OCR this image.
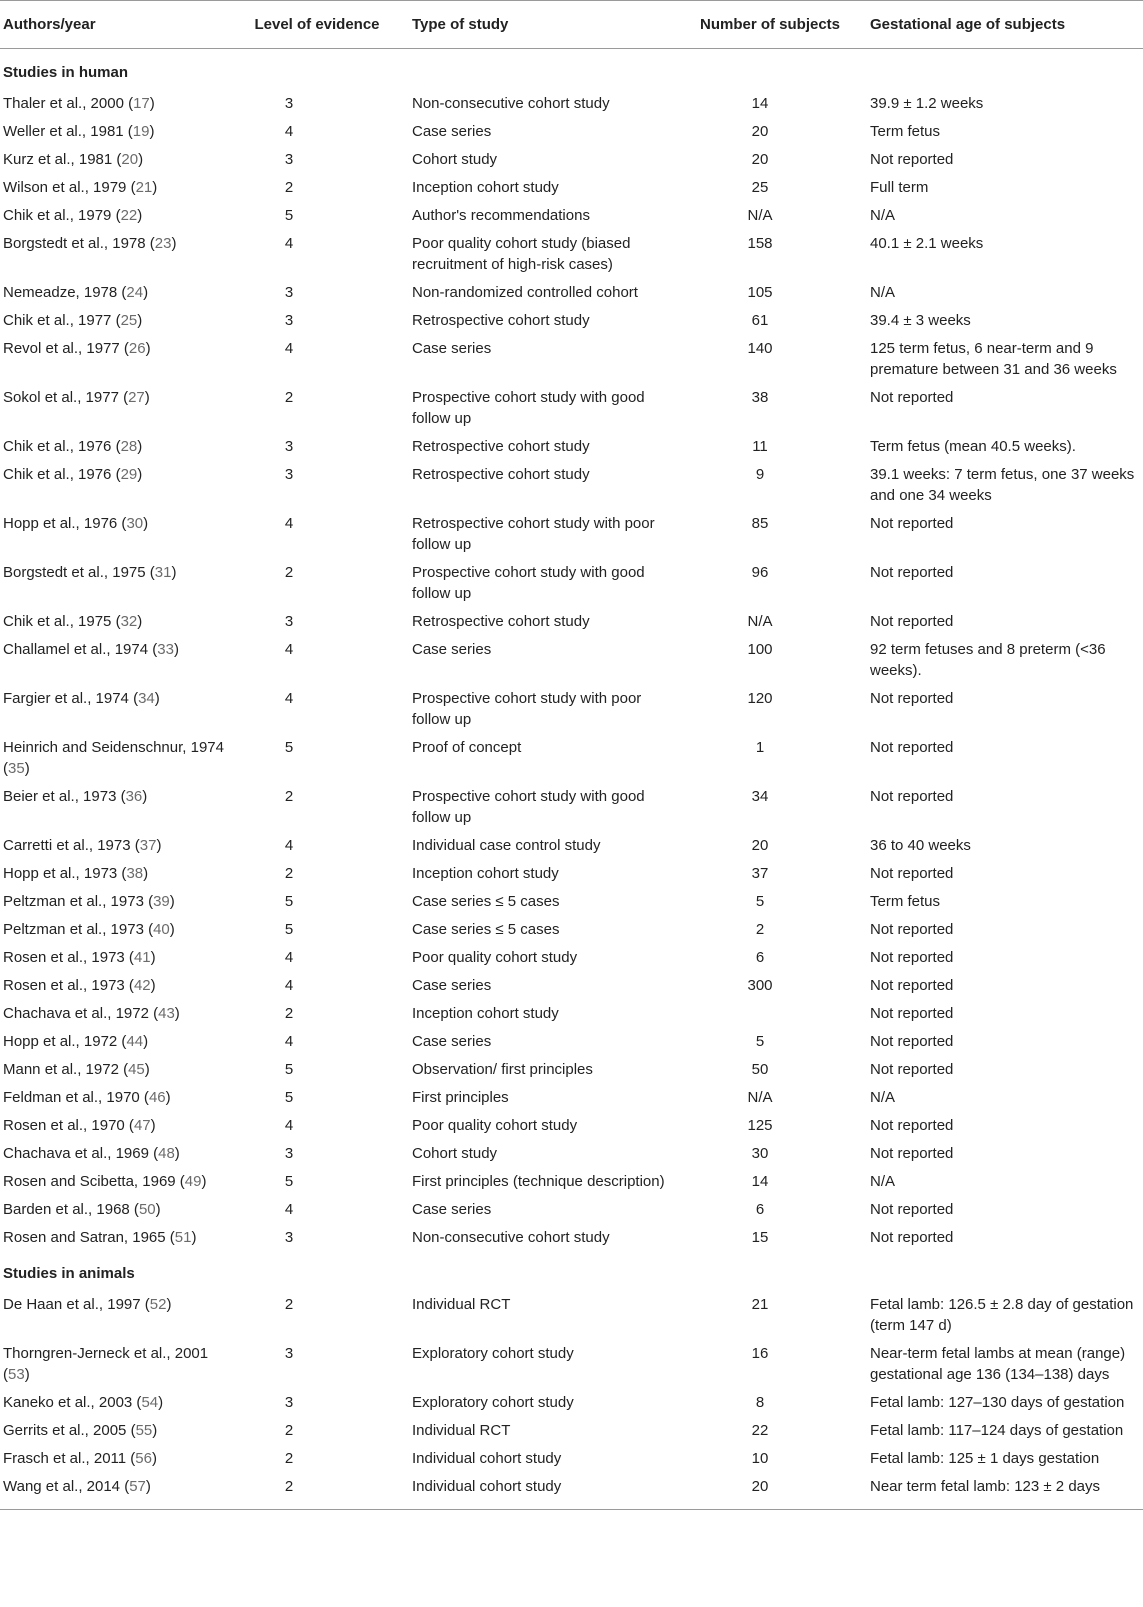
Authors/year	Level of evidence	Type of study	Number of subjects	Gestational age of subjects
Studies in human				
Thaler et al., 2000 (17)	3	Non-consecutive cohort study	14	39.9 ± 1.2 weeks
Weller et al., 1981 (19)	4	Case series	20	Term fetus
Kurz et al., 1981 (20)	3	Cohort study	20	Not reported
Wilson et al., 1979 (21)	2	Inception cohort study	25	Full term
Chik et al., 1979 (22)	5	Author's recommendations	N/A	N/A
Borgstedt et al., 1978 (23)	4	Poor quality cohort study (biased recruitment of high-risk cases)	158	40.1 ± 2.1 weeks
Nemeadze, 1978 (24)	3	Non-randomized controlled cohort	105	N/A
Chik et al., 1977 (25)	3	Retrospective cohort study	61	39.4 ± 3 weeks
Revol et al., 1977 (26)	4	Case series	140	125 term fetus, 6 near-term and 9 premature between 31 and 36 weeks
Sokol et al., 1977 (27)	2	Prospective cohort study with good follow up	38	Not reported
Chik et al., 1976 (28)	3	Retrospective cohort study	11	Term fetus (mean 40.5 weeks).
Chik et al., 1976 (29)	3	Retrospective cohort study	9	39.1 weeks: 7 term fetus, one 37 weeks and one 34 weeks
Hopp et al., 1976 (30)	4	Retrospective cohort study with poor follow up	85	Not reported
Borgstedt et al., 1975 (31)	2	Prospective cohort study with good follow up	96	Not reported
Chik et al., 1975 (32)	3	Retrospective cohort study	N/A	Not reported
Challamel et al., 1974 (33)	4	Case series	100	92 term fetuses and 8 preterm (<36 weeks).
Fargier et al., 1974 (34)	4	Prospective cohort study with poor follow up	120	Not reported
Heinrich and Seidenschnur, 1974 (35)	5	Proof of concept	1	Not reported
Beier et al., 1973 (36)	2	Prospective cohort study with good follow up	34	Not reported
Carretti et al., 1973 (37)	4	Individual case control study	20	36 to 40 weeks
Hopp et al., 1973 (38)	2	Inception cohort study	37	Not reported
Peltzman et al., 1973 (39)	5	Case series ≤ 5 cases	5	Term fetus
Peltzman et al., 1973 (40)	5	Case series ≤ 5 cases	2	Not reported
Rosen et al., 1973 (41)	4	Poor quality cohort study	6	Not reported
Rosen et al., 1973 (42)	4	Case series	300	Not reported
Chachava et al., 1972 (43)	2	Inception cohort study		Not reported
Hopp et al., 1972 (44)	4	Case series	5	Not reported
Mann et al., 1972 (45)	5	Observation/ first principles	50	Not reported
Feldman et al., 1970 (46)	5	First principles	N/A	N/A
Rosen et al., 1970 (47)	4	Poor quality cohort study	125	Not reported
Chachava et al., 1969 (48)	3	Cohort study	30	Not reported
Rosen and Scibetta, 1969 (49)	5	First principles (technique description)	14	N/A
Barden et al., 1968 (50)	4	Case series	6	Not reported
Rosen and Satran, 1965 (51)	3	Non-consecutive cohort study	15	Not reported
Studies in animals				
De Haan et al., 1997 (52)	2	Individual RCT	21	Fetal lamb: 126.5 ± 2.8 day of gestation (term 147 d)
Thorngren-Jerneck et al., 2001 (53)	3	Exploratory cohort study	16	Near-term fetal lambs at mean (range) gestational age 136 (134–138) days
Kaneko et al., 2003 (54)	3	Exploratory cohort study	8	Fetal lamb: 127–130 days of gestation
Gerrits et al., 2005 (55)	2	Individual RCT	22	Fetal lamb: 117–124 days of gestation
Frasch et al., 2011 (56)	2	Individual cohort study	10	Fetal lamb: 125 ± 1 days gestation
Wang et al., 2014 (57)	2	Individual cohort study	20	Near term fetal lamb: 123 ± 2 days
